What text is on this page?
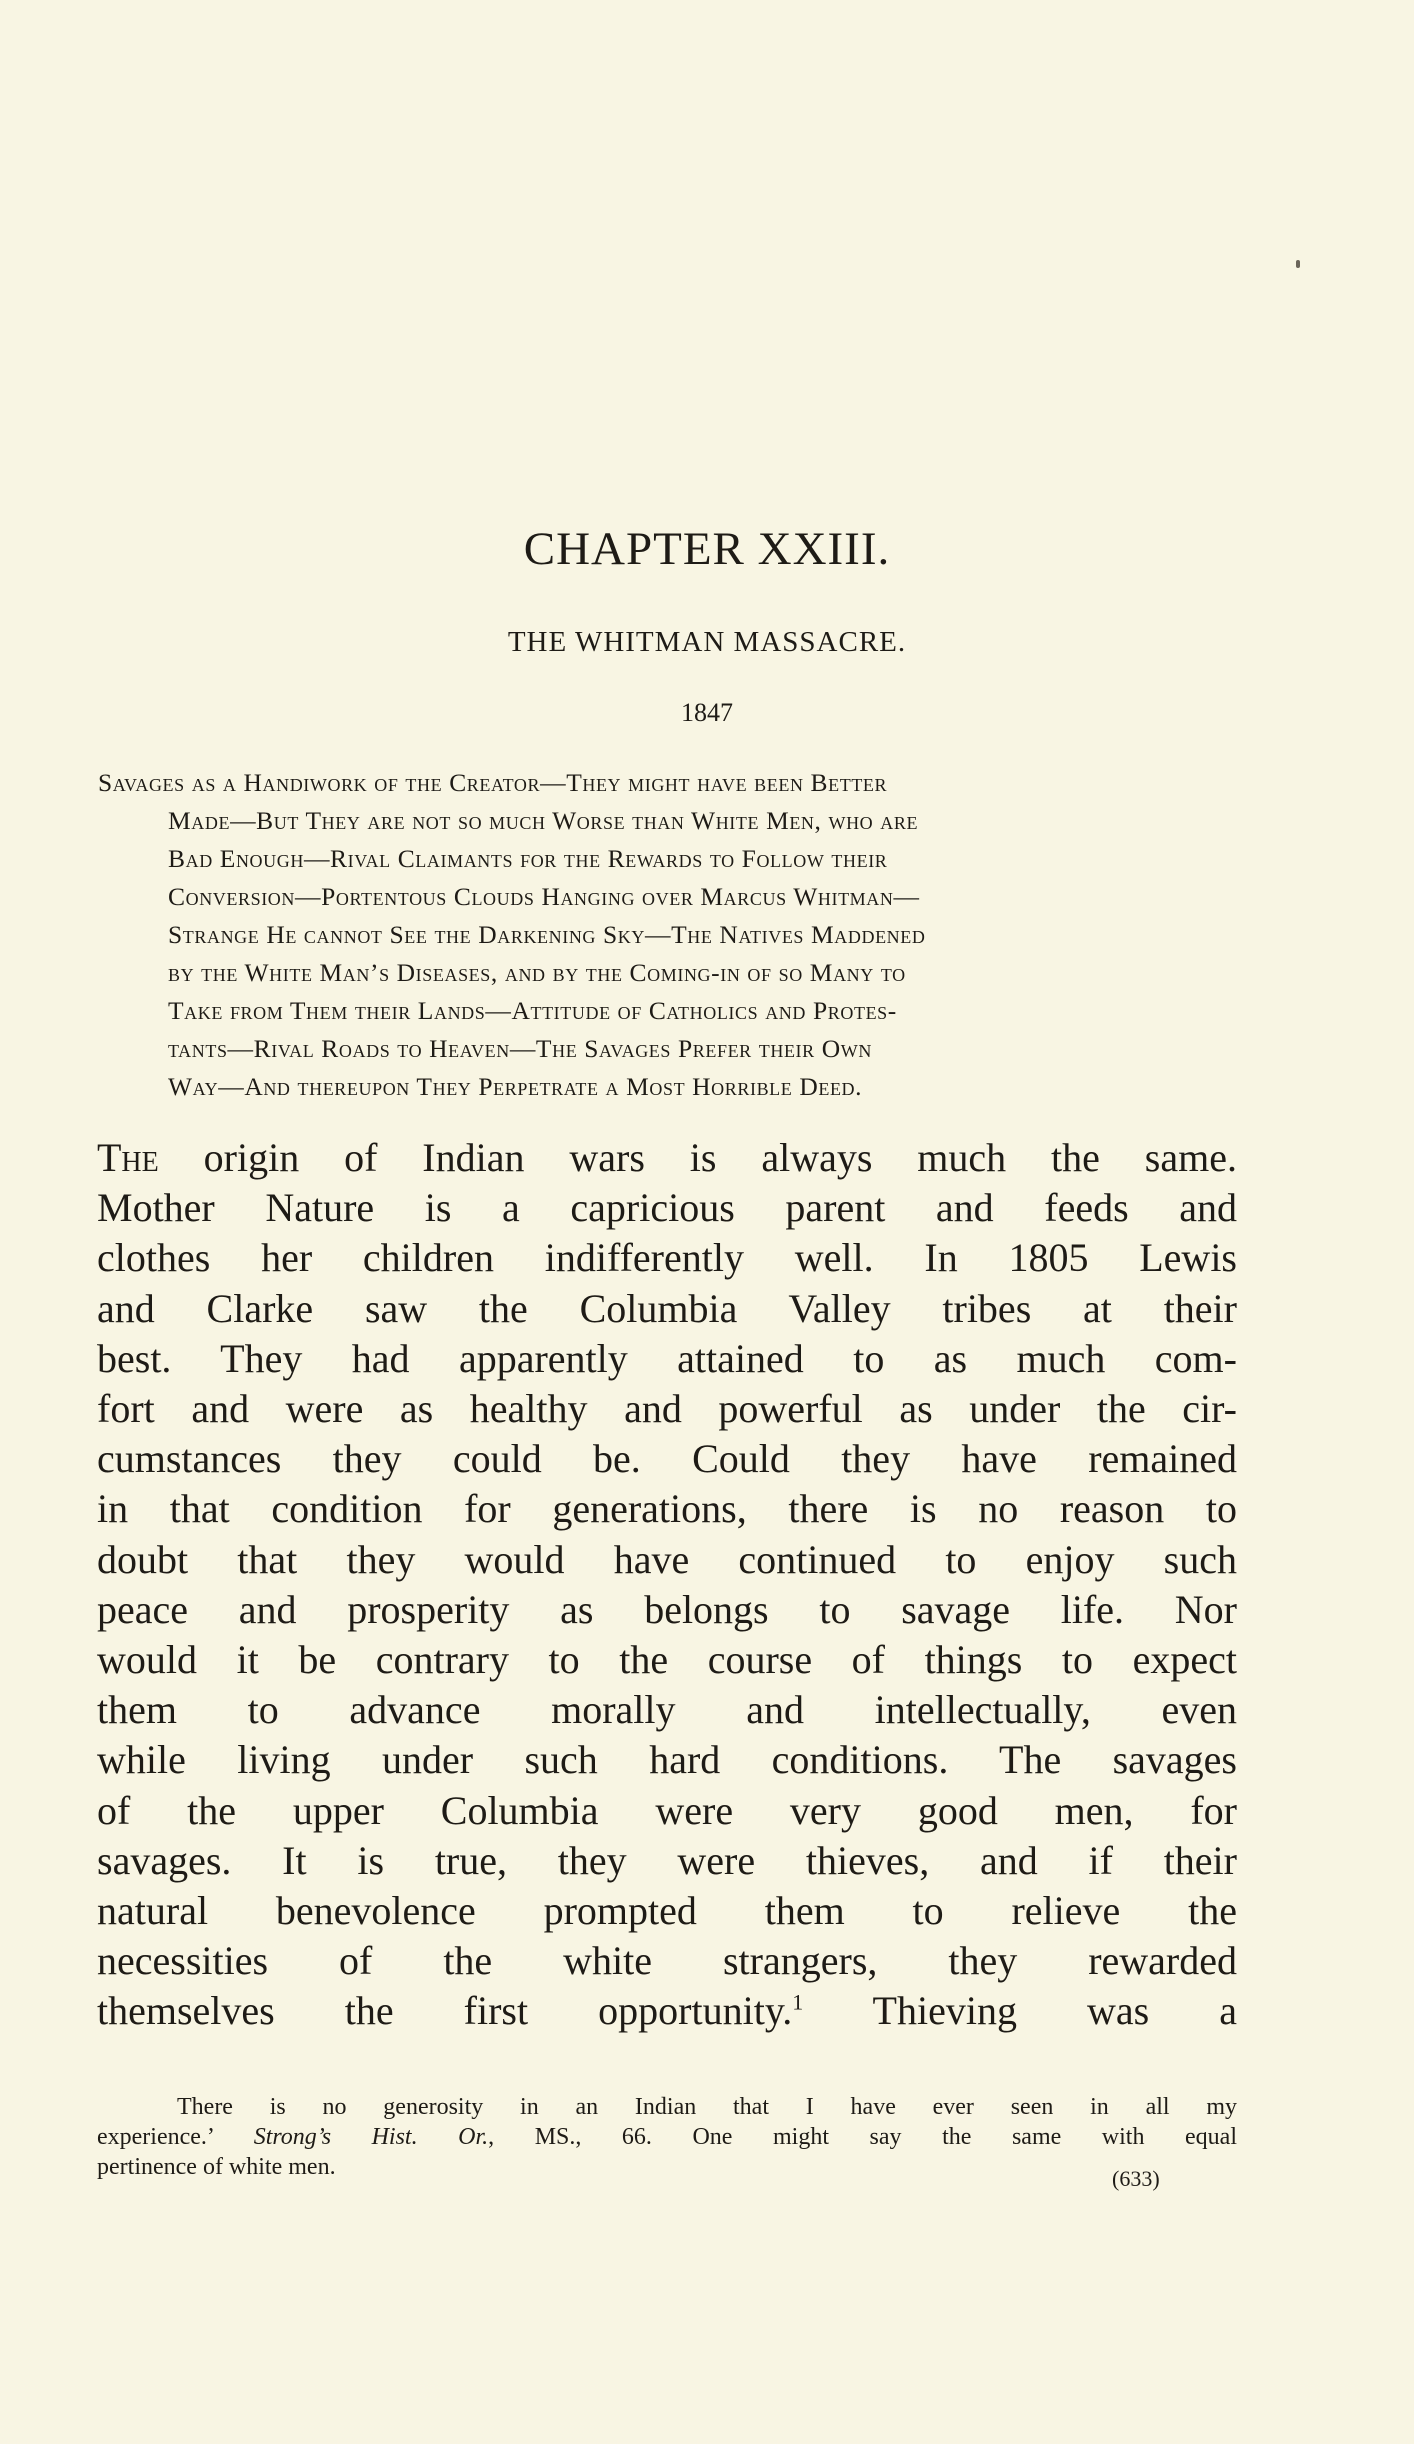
CHAPTER XXIII.
THE WHITMAN MASSACRE.
1847
Savages as a Handiwork of the Creator—They might have been Better
Made—But They are not so much Worse than White Men, who are
Bad Enough—Rival Claimants for the Rewards to Follow their
Conversion—Portentous Clouds Hanging over Marcus Whitman—
Strange He cannot See the Darkening Sky—The Natives Maddened
by the White Man’s Diseases, and by the Coming-in of so Many to
Take from Them their Lands—Attitude of Catholics and Protes-
tants—Rival Roads to Heaven—The Savages Prefer their Own
Way—And thereupon They Perpetrate a Most Horrible Deed.
The origin of Indian wars is always much the same.
Mother Nature is a capricious parent and feeds and
clothes her children indifferently well. In 1805 Lewis
and Clarke saw the Columbia Valley tribes at their
best. They had apparently attained to as much com-
fort and were as healthy and powerful as under the cir-
cumstances they could be. Could they have remained
in that condition for generations, there is no reason to
doubt that they would have continued to enjoy such
peace and prosperity as belongs to savage life. Nor
would it be contrary to the course of things to expect
them to advance morally and intellectually, even
while living under such hard conditions. The savages
of the upper Columbia were very good men, for
savages. It is true, they were thieves, and if their
natural benevolence prompted them to relieve the
necessities of the white strangers, they rewarded
themselves the first opportunity.$^1$ Thieving was a
There is no generosity in an Indian that I have ever seen in all my
experience.’ Strong’s Hist. Or., MS., 66. One might say the same with equal
pertinence of white men.	(633)
